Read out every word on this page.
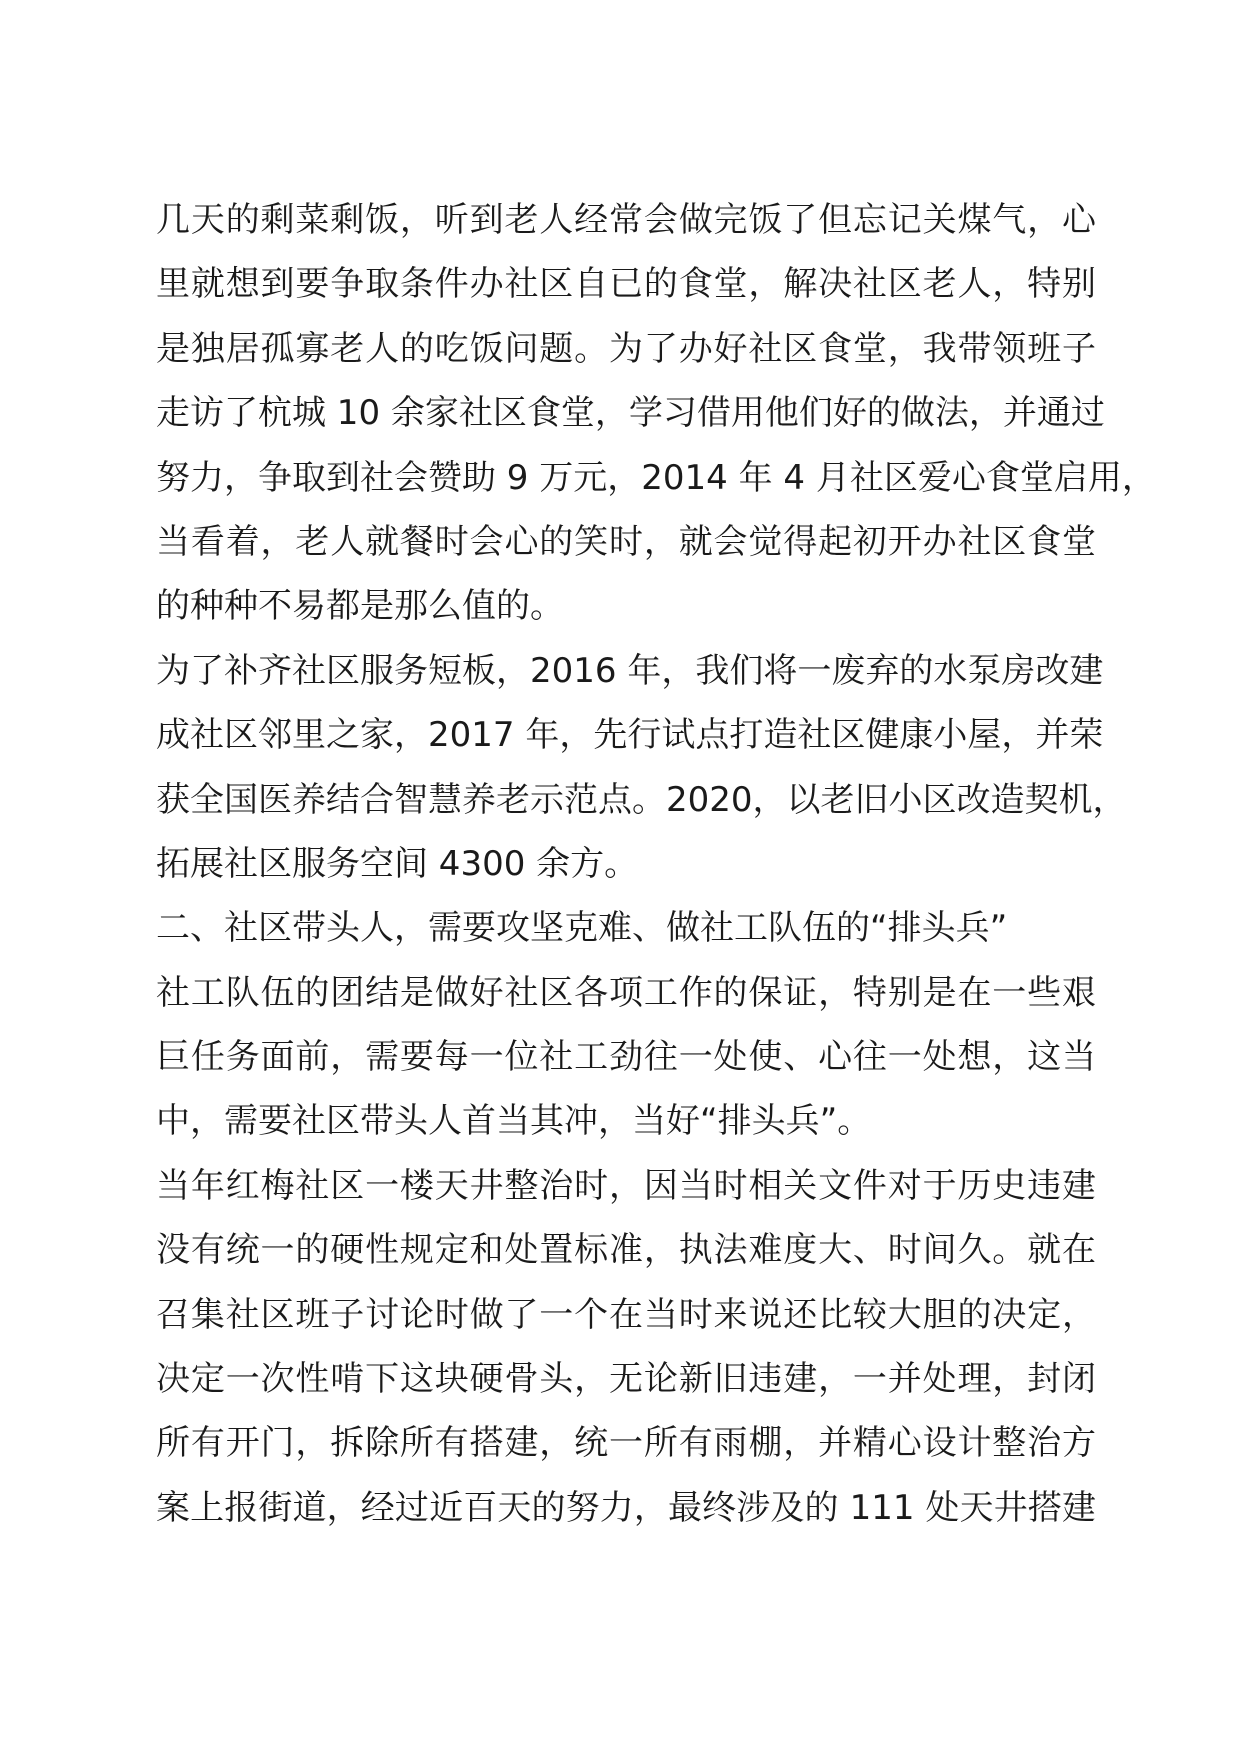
几天的剩菜剩饭，听到老人经常会做完饭了但忘记关煤气，心
里就想到要争取条件办社区自已的食堂，解决社区老人，特别
是独居孤寡老人的吃饭问题。为了办好社区食堂，我带领班子
走访了杭城 10 余家社区食堂，学习借用他们好的做法，并通过
努力，争取到社会赞助 9 万元，2014 年 4 月社区爱心食堂启用，
当看着，老人就餐时会心的笑时，就会觉得起初开办社区食堂
的种种不易都是那么值的。
为了补齐社区服务短板，2016 年，我们将一废弃的水泵房改建
成社区邻里之家，2017 年，先行试点打造社区健康小屋，并荣
获全国医养结合智慧养老示范点。2020，以老旧小区改造契机，
拓展社区服务空间 4300 余方。
二、社区带头人，需要攻坚克难、做社工队伍的“排头兵”
社工队伍的团结是做好社区各项工作的保证，特别是在一些艰
巨任务面前，需要每一位社工劲往一处使、心往一处想，这当
中，需要社区带头人首当其冲，当好“排头兵”。
当年红梅社区一楼天井整治时，因当时相关文件对于历史违建
没有统一的硬性规定和处置标准，执法难度大、时间久。就在
召集社区班子讨论时做了一个在当时来说还比较大胆的决定，
决定一次性啃下这块硬骨头，无论新旧违建，一并处理，封闭
所有开门，拆除所有搭建，统一所有雨棚，并精心设计整治方
案上报街道，经过近百天的努力，最终涉及的 111 处天井搭建
